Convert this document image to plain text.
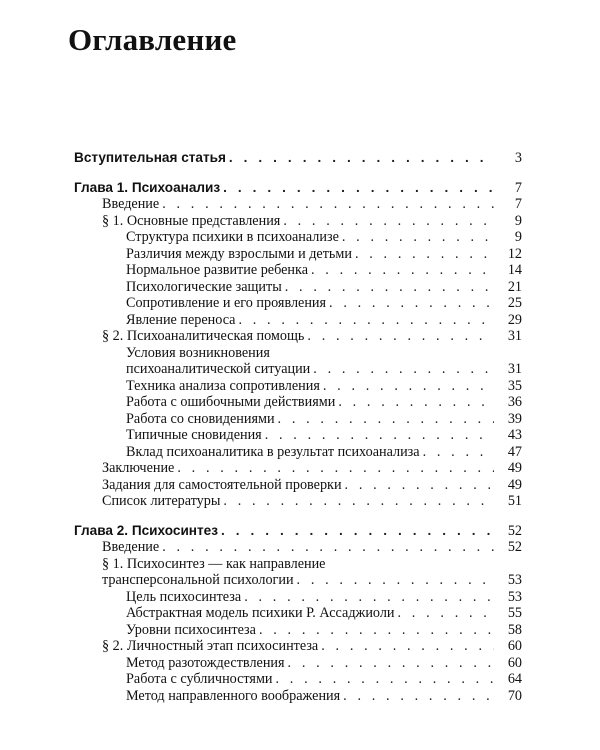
Оглавление
Вступительная статья . . .	3
Глава 1. Психоанализ . . .	7
Введение . . .	7
§ 1. Основные представления . . .	9
Структура психики в психоанализе . . .	9
Различия между взрослыми и детьми . . .	12
Нормальное развитие ребенка . . .	14
Психологические защиты . . .	21
Сопротивление и его проявления . . .	25
Явление переноса . . .	29
§ 2. Психоаналитическая помощь . . .	31
Условия возникновения
психоаналитической ситуации . . .	31
Техника анализа сопротивления . . .	35
Работа с ошибочными действиями . . .	36
Работа со сновидениями . . .	39
Типичные сновидения . . .	43
Вклад психоаналитика в результат психоанализа . . .	47
Заключение . . .	49
Задания для самостоятельной проверки . . .	49
Список литературы . . .	51
Глава 2. Психосинтез . . .	52
Введение . . .	52
§ 1. Психосинтез — как направление
трансперсональной психологии . . .	53
Цель психосинтеза . . .	53
Абстрактная модель психики Р. Ассаджиоли . . .	55
Уровни психосинтеза . . .	58
§ 2. Личностный этап психосинтеза . . .	60
Метод разотождествления . . .	60
Работа с субличностями . . .	64
Метод направленного воображения . . .	70
